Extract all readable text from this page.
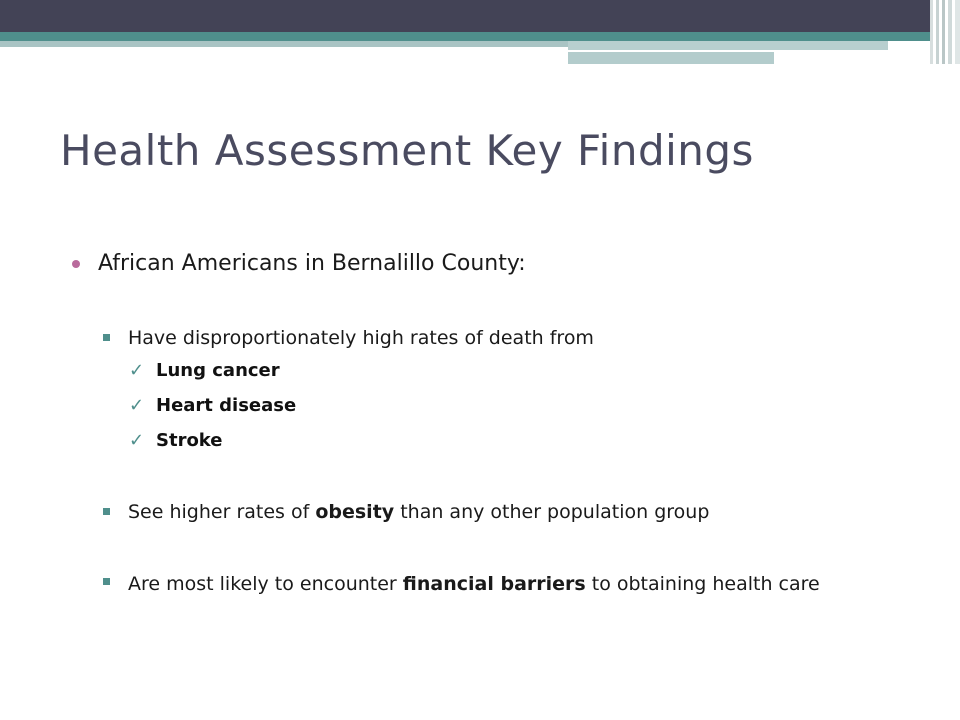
Health Assessment Key Findings
African Americans in Bernalillo County:
Have disproportionately high rates of death from
✓ Lung cancer
✓ Heart disease
✓ Stroke
See higher rates of obesity than any other population group
Are most likely to encounter financial barriers to obtaining health care
